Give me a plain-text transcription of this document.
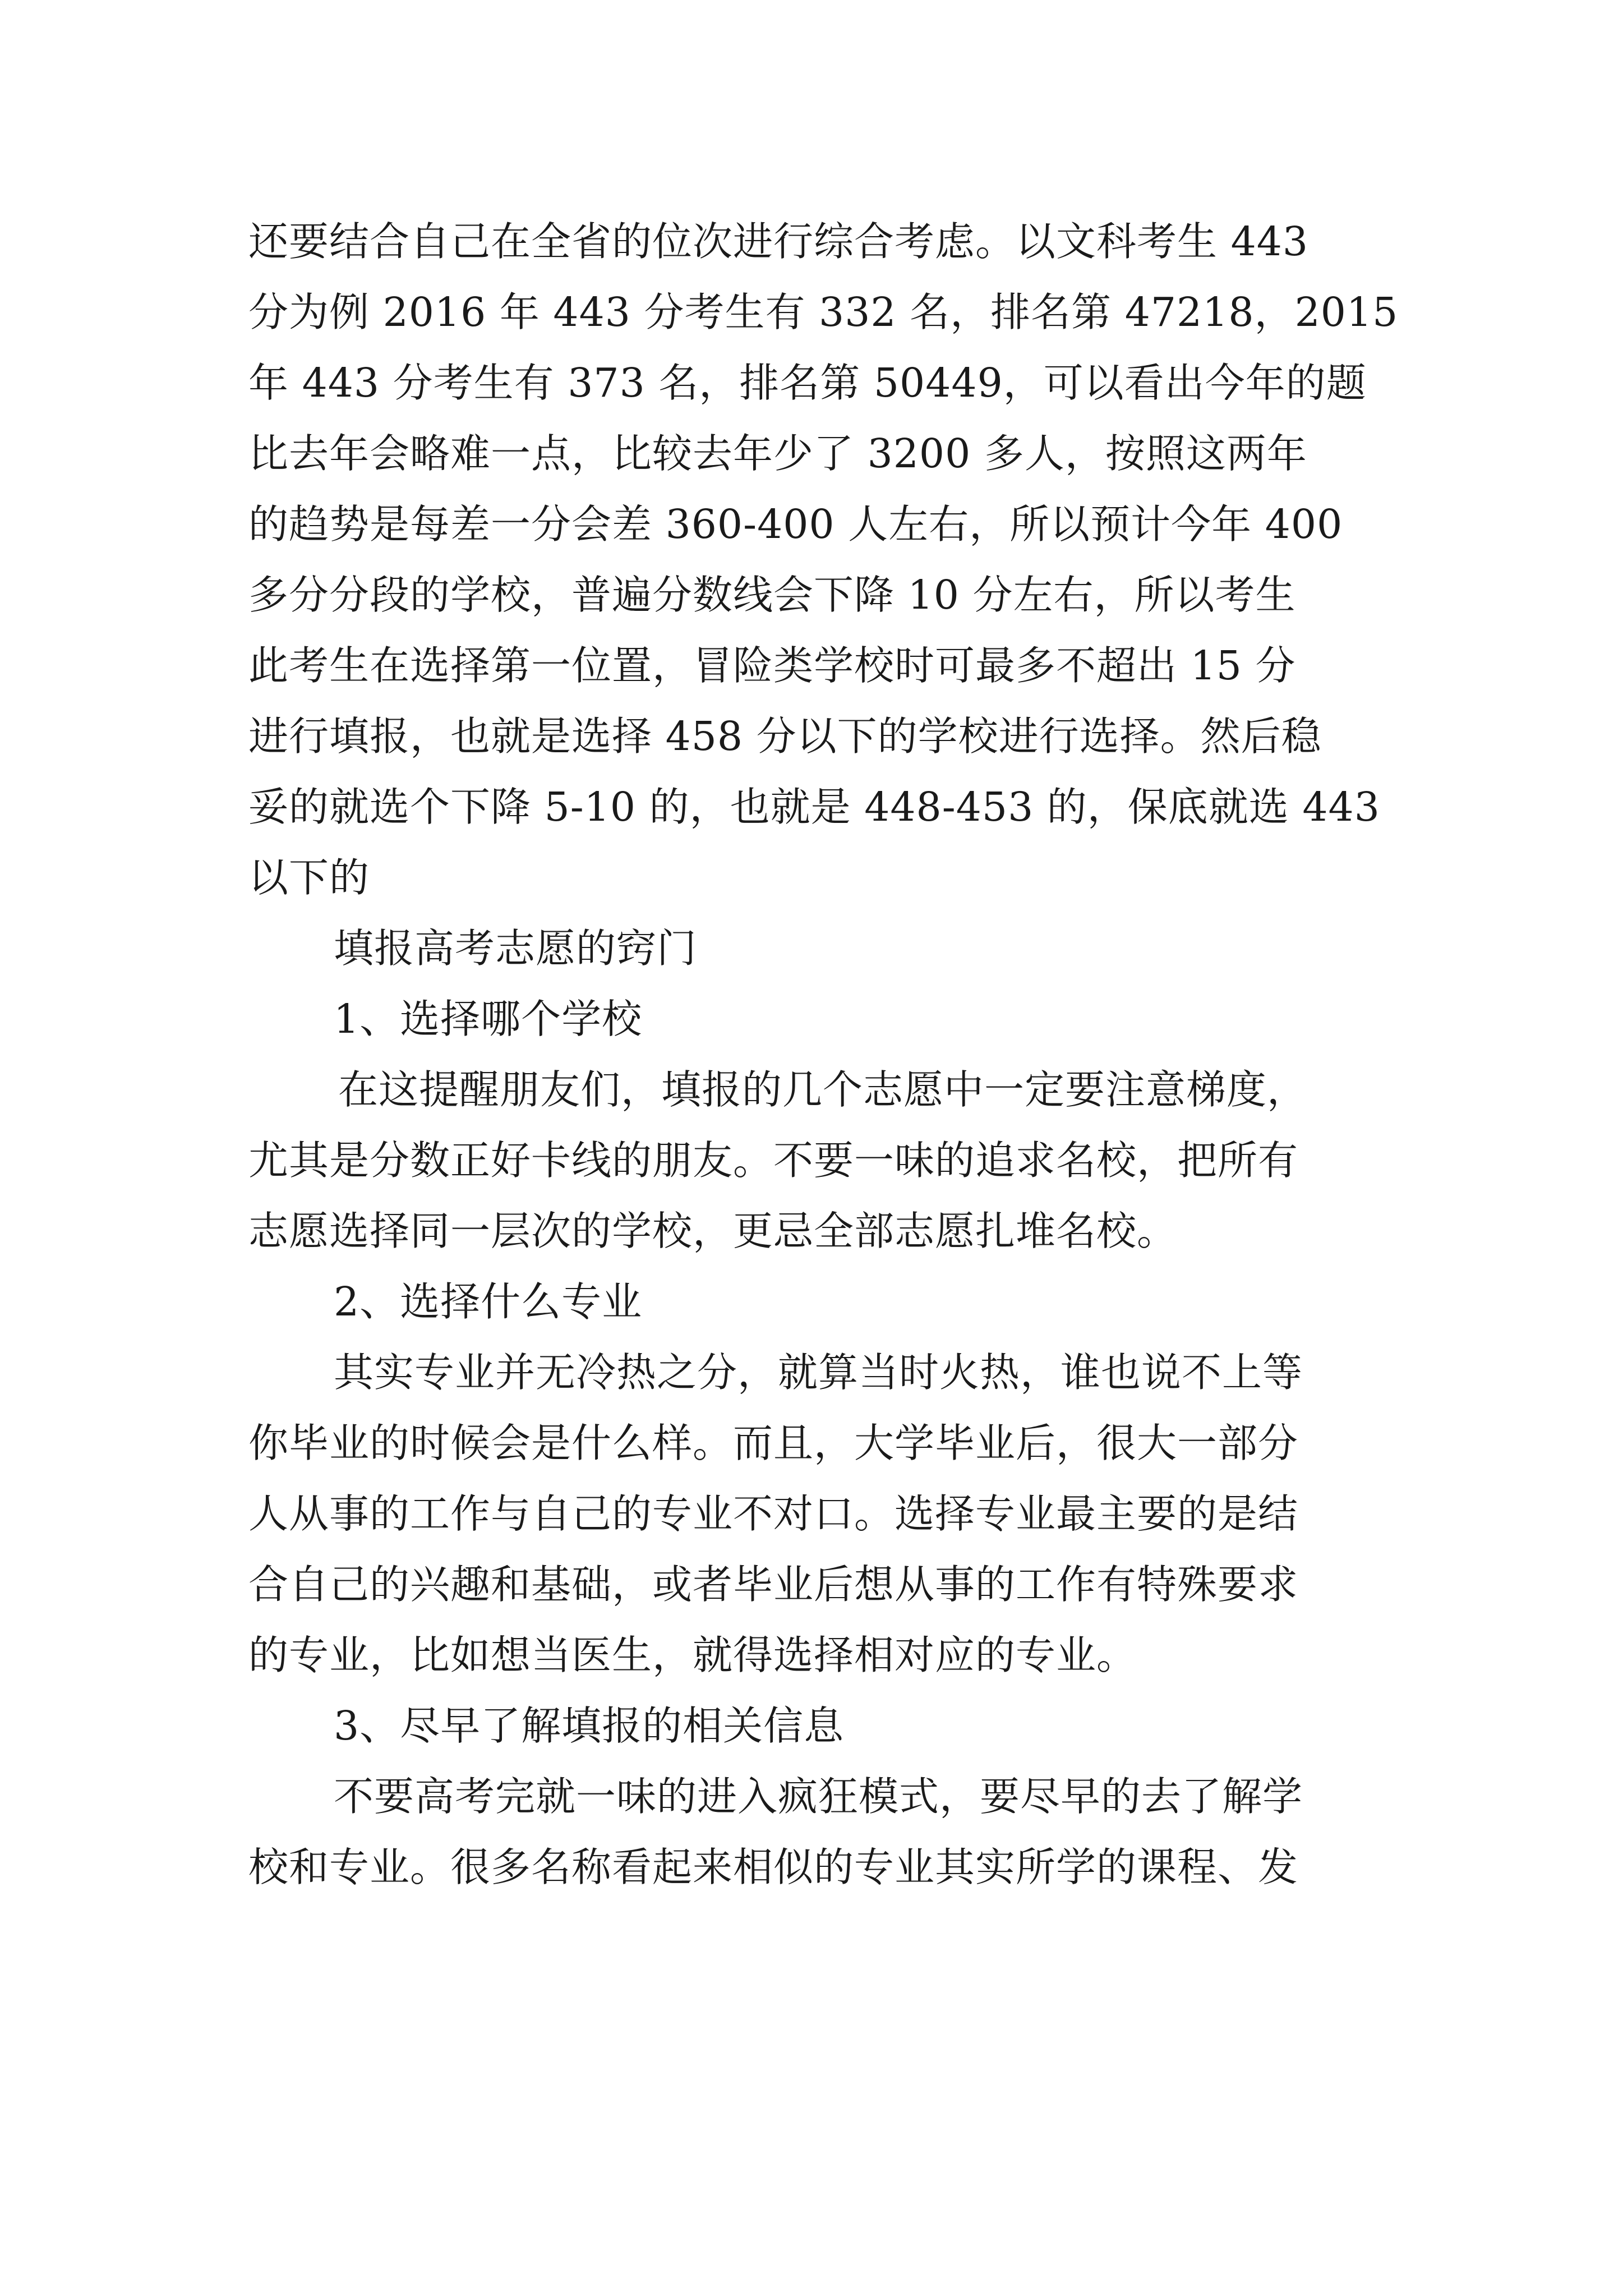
还要结合自己在全省的位次进行综合考虑。以文科考生 443
分为例 2016 年 443 分考生有 332 名，排名第 47218，2015
年 443 分考生有 373 名，排名第 50449，可以看出今年的题
比去年会略难一点，比较去年少了 3200 多人，按照这两年
的趋势是每差一分会差 360-400 人左右，所以预计今年 400
多分分段的学校，普遍分数线会下降 10 分左右，所以考生
此考生在选择第一位置，冒险类学校时可最多不超出 15 分
进行填报，也就是选择 458 分以下的学校进行选择。然后稳
妥的就选个下降 5-10 的，也就是 448-453 的，保底就选 443
以下的
填报高考志愿的窍门
1、选择哪个学校
在这提醒朋友们，填报的几个志愿中一定要注意梯度，
尤其是分数正好卡线的朋友。不要一味的追求名校，把所有
志愿选择同一层次的学校，更忌全部志愿扎堆名校。
2、选择什么专业
其实专业并无冷热之分，就算当时火热，谁也说不上等
你毕业的时候会是什么样。而且，大学毕业后，很大一部分
人从事的工作与自己的专业不对口。选择专业最主要的是结
合自己的兴趣和基础，或者毕业后想从事的工作有特殊要求
的专业，比如想当医生，就得选择相对应的专业。
3、尽早了解填报的相关信息
不要高考完就一味的进入疯狂模式，要尽早的去了解学
校和专业。很多名称看起来相似的专业其实所学的课程、发
